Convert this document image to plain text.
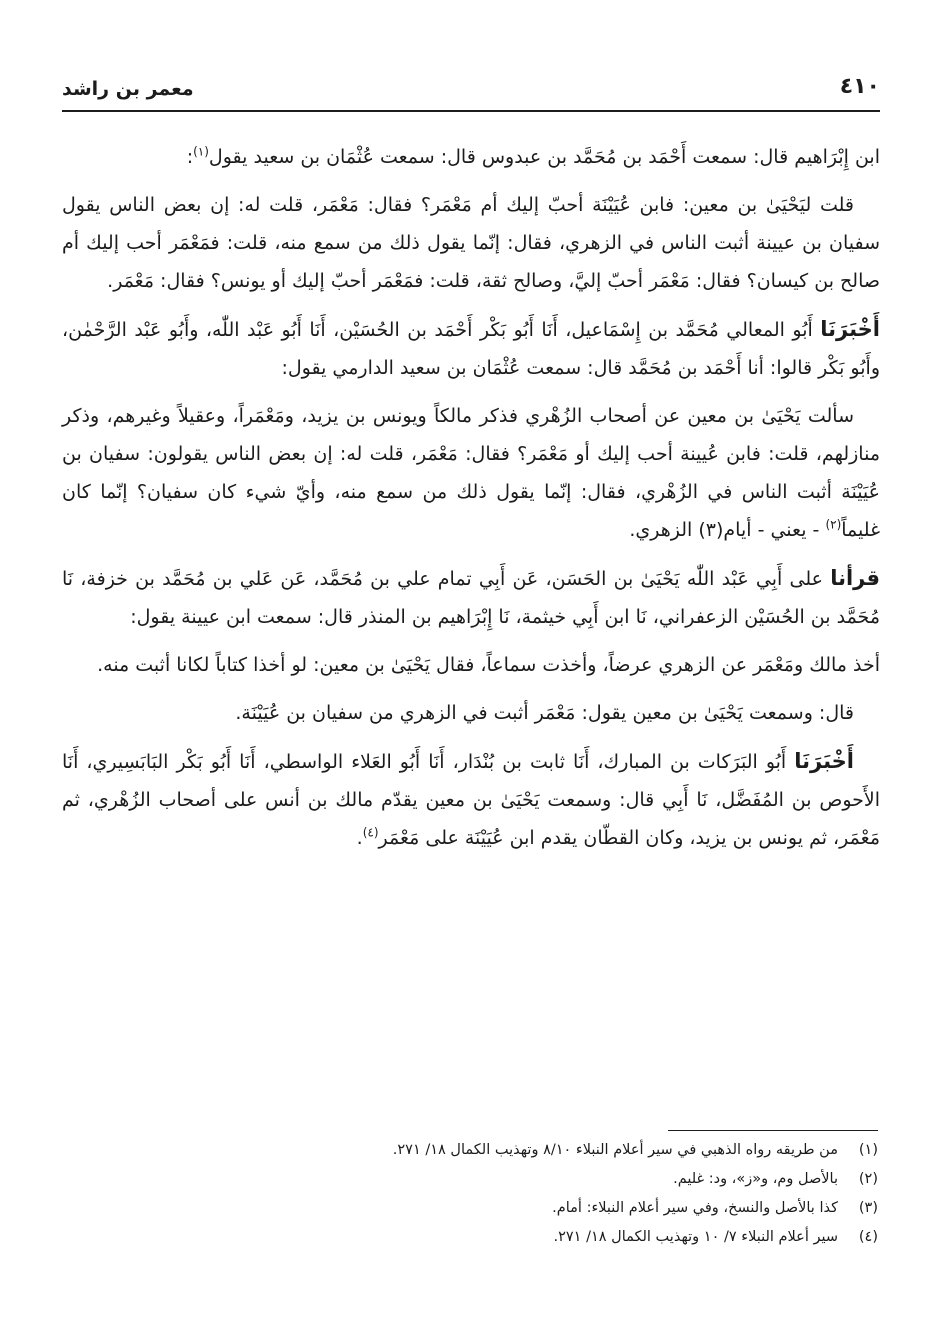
٤١٠
معمر بن راشد

ابن إِبْرَاهيم قال: سمعت أَحْمَد بن مُحَمَّد بن عبدوس قال: سمعت عُثْمَان بن سعيد يقول$^{(١)}$:

قلت ليَحْيَىٰ بن معين: فابن عُيَيْنَة أحبّ إليك أم مَعْمَر؟ فقال: مَعْمَر، قلت له: إن بعض الناس يقول سفيان بن عيينة أثبت الناس في الزهري، فقال: إنّما يقول ذلك من سمع منه، قلت: فمَعْمَر أحب إليك أم صالح بن كيسان؟ فقال: مَعْمَر أحبّ إليَّ، وصالح ثقة، قلت: فمَعْمَر أحبّ إليك أو يونس؟ فقال: مَعْمَر.

أَخْبَرَنَا أَبُو المعالي مُحَمَّد بن إِسْمَاعيل، أَنَا أَبُو بَكْر أَحْمَد بن الحُسَيْن، أَنَا أَبُو عَبْد اللّٰه، وأَبُو عَبْد الرَّحْمٰن، وأَبُو بَكْر قالوا: أنا أَحْمَد بن مُحَمَّد قال: سمعت عُثْمَان بن سعيد الدارمي يقول:

سألت يَحْيَىٰ بن معين عن أصحاب الزُهْري فذكر مالكاً ويونس بن يزيد، ومَعْمَراً، وعقيلاً وغيرهم، وذكر منازلهم، قلت: فابن عُيينة أحب إليك أو مَعْمَر؟ فقال: مَعْمَر، قلت له: إن بعض الناس يقولون: سفيان بن عُيَيْنَة أثبت الناس في الزُهْري، فقال: إنّما يقول ذلك من سمع منه، وأيّ شيء كان سفيان؟ إنّما كان غليماً$^{(٢)}$ - يعني - أيام(٣) الزهري.

قرأنا على أَبِي عَبْد اللّٰه يَحْيَىٰ بن الحَسَن، عَن أَبِي تمام علي بن مُحَمَّد، عَن عَلي بن مُحَمَّد بن خزفة، نَا مُحَمَّد بن الحُسَيْن الزعفراني، نَا ابن أَبِي خيثمة، نَا إِبْرَاهيم بن المنذر قال: سمعت ابن عيينة يقول:

أخذ مالك ومَعْمَر عن الزهري عرضاً، وأخذت سماعاً، فقال يَحْيَىٰ بن معين: لو أخذا كتاباً لكانا أثبت منه.

قال: وسمعت يَحْيَىٰ بن معين يقول: مَعْمَر أثبت في الزهري من سفيان بن عُيَيْنَة.

أَخْبَرَنَا أَبُو البَرَكات بن المبارك، أَنَا ثابت بن بُنْدَار، أَنَا أَبُو العَلاء الواسطي، أَنَا أَبُو بَكْر البَابَسِيري، أَنَا الأَحوص بن المُفَضَّل، نَا أَبِي قال: وسمعت يَحْيَىٰ بن معين يقدّم مالك بن أنس على أصحاب الزُهْري، ثم مَعْمَر، ثم يونس بن يزيد، وكان القطّان يقدم ابن عُيَيْنَة على مَعْمَر$^{(٤)}$.

(١)
من طريقه رواه الذهبي في سير أعلام النبلاء ٨/١٠ وتهذيب الكمال ١٨/ ٢٧١.
(٢)
بالأصل وم، و«ز»، ود: غليم.
(٣)
كذا بالأصل والنسخ، وفي سير أعلام النبلاء: أمام.
(٤)
سير أعلام النبلاء ٧/ ١٠ وتهذيب الكمال ١٨/ ٢٧١.
